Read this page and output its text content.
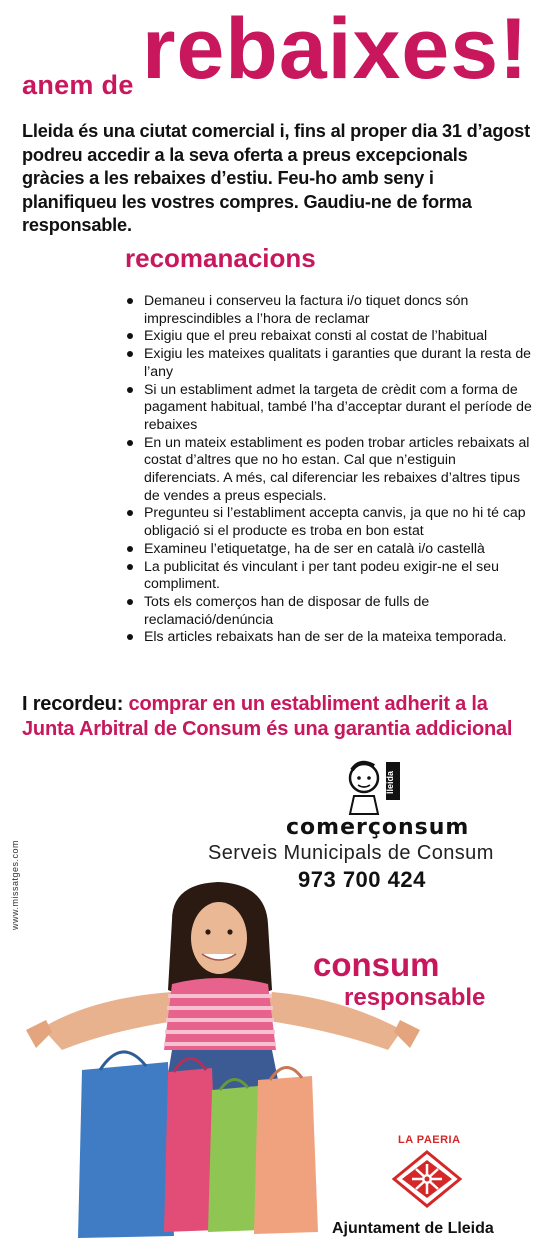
anem de rebaixes!
Lleida és una ciutat comercial i, fins al proper dia 31 d’agost podreu accedir a la seva oferta a preus excepcionals gràcies a les rebaixes d’estiu. Feu-ho amb seny i planifiqueu les vostres compres. Gaudiu-ne de forma responsable.
recomanacions
Demaneu i conserveu la factura i/o tiquet doncs són imprescindibles a l’hora de reclamar
Exigiu que el preu rebaixat consti al costat de l’habitual
Exigiu les mateixes qualitats i garanties que durant la resta de l’any
Si un establiment admet la targeta de crèdit com a forma de pagament habitual, també l’ha d’acceptar durant el període de rebaixes
En un mateix establiment es poden trobar articles rebaixats al costat d’altres que no ho estan. Cal que n’estiguin diferenciats. A més, cal diferenciar les rebaixes d’altres tipus de vendes a preus especials.
Pregunteu si l’establiment accepta canvis, ja que no hi té cap obligació si el producte es troba en bon estat
Examineu l’etiquetatge, ha de ser en català i/o castellà
La publicitat és vinculant i per tant podeu exigir-ne el seu compliment.
Tots els comerços han de disposar de fulls de reclamació/denúncia
Els articles rebaixats han de ser de la mateixa temporada.
I recordeu: comprar en un establiment adherit a la Junta Arbitral de Consum és una garantia addicional
lleida
comerçonsum
Serveis Municipals de Consum
973 700 424
www.missatges.com
consum
responsable
LA PAERIA
Ajuntament de Lleida
